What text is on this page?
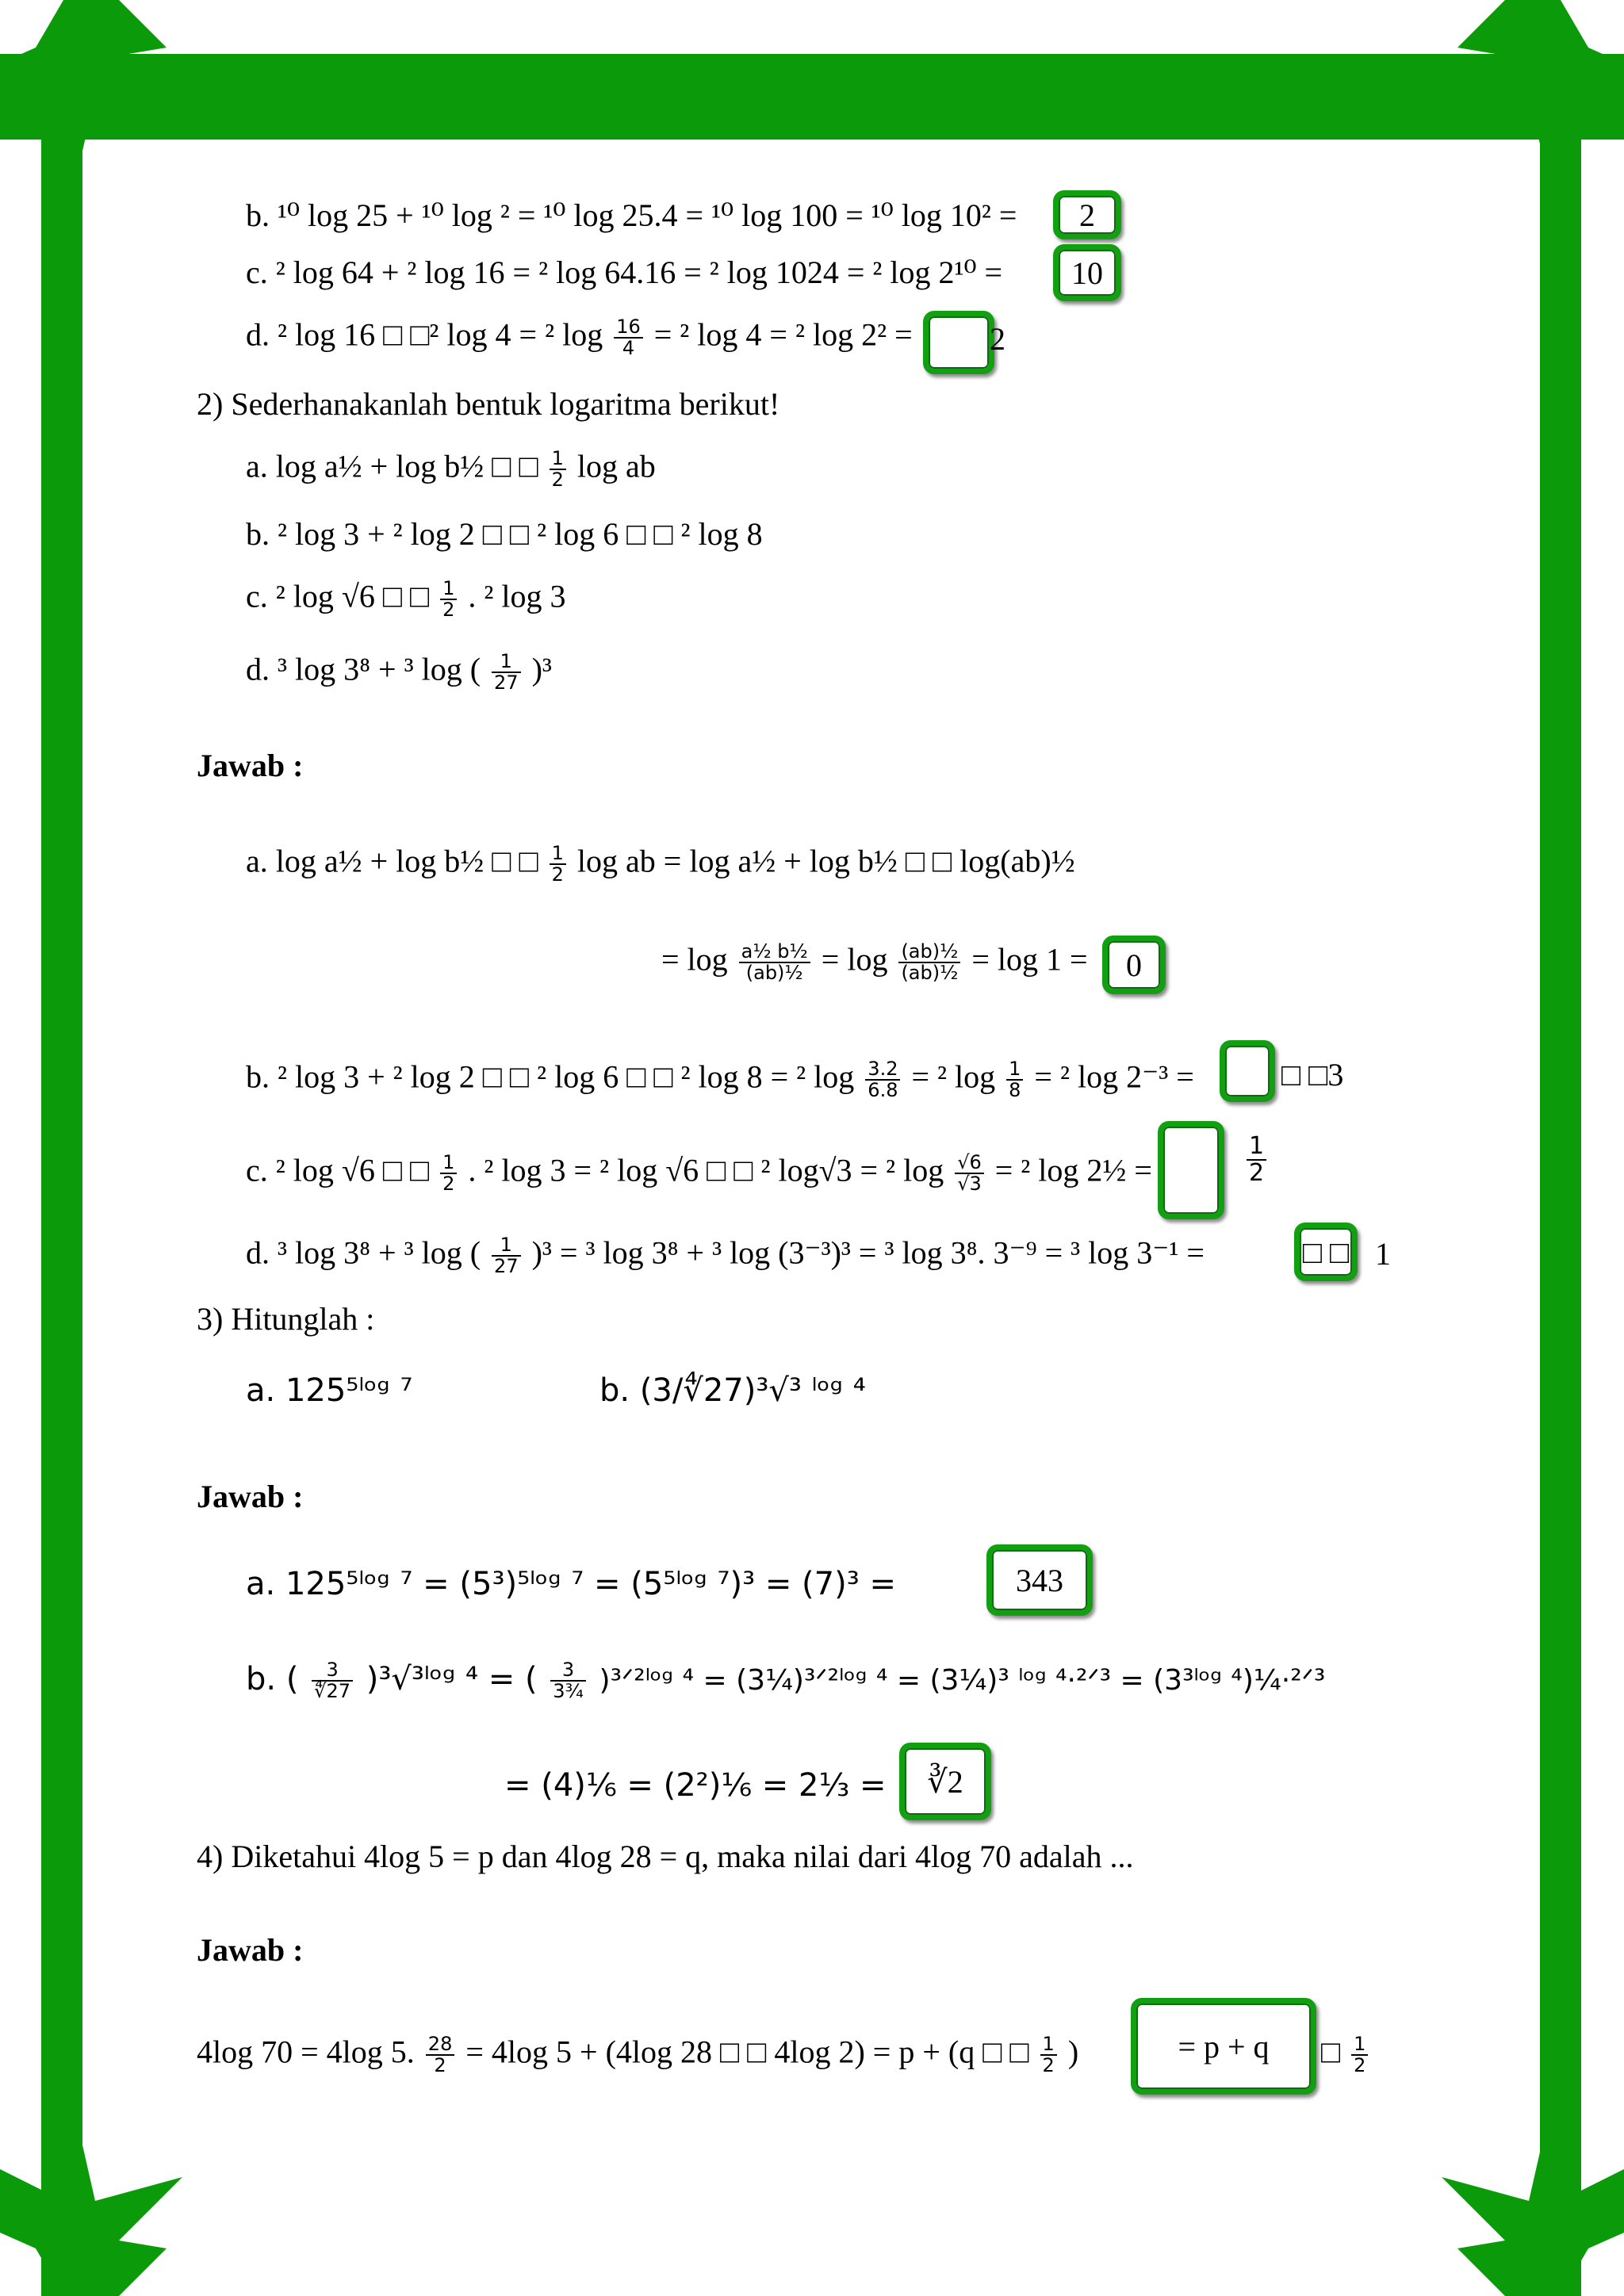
b. ¹⁰ log 25 + ¹⁰ log ² = ¹⁰ log 25.4 = ¹⁰ log 100 = ¹⁰ log 10² = 2
c. ² log 64 + ² log 16 = ² log 64.16 = ² log 1024 = ² log 2¹⁰ = 10
d. ² log 16 □ □² log 4 = ² $\log \frac{16}{4} = ^2$ log 4 = ² log 2² = 2
2) Sederhanakanlah bentuk logaritma berikut!
a. log a½ + log b½ □ □ $\frac{1}{2}$ log ab
b. ² log 3 + ² log 2 □ □ ² log 6 □ □ ² log 8
c. ² log √6 □ □ $\frac{1}{2}$ . ² log 3
d. ³ log 3⁸ + ³ log ( $\frac{1}{27} )^3$
Jawab :
a. log a½ + log b½ □ □ $\frac{1}{2}$ log ab = log a½ + log b½ □ □ log(ab)½
= $\log \frac{\text{a½ b½}}{\text{(ab)½}} = \log \frac{\text{(ab)½}}{\text{(ab)½}} = \log 1 = 0$
b. ² log 3 + ² log 2 □ □ ² log 6 □ □ ² log 8 = ² $\log \frac{3.2}{6.8} = ^2$ $\log \frac{1}{8} = ^2$ log 2⁻³ =	□ □3
c. ² log √6 □ □ $\frac{1}{2}$ . ² log 3 = ² log √6 □ □ ² log√3 = ² $\log \frac{√6}{√3} = ^2$ log 2½ =	$\frac{1}{2}$
d. ³ log 3⁸ + ³ log ( $\frac{1}{27} )^3 = ^3$ log 3⁸ + ³ log (3⁻³)³ = ³ log 3⁸. 3⁻⁹ = ³ log 3⁻¹ =	□ □ 1
3) Hitunglah :
a. 125⁵ˡᵒᵍ ⁷	b. (3/∜27)³√³ ˡᵒᵍ ⁴
Jawab :
a. 125⁵ˡᵒᵍ ⁷ = (5³)⁵ˡᵒᵍ ⁷ = (5⁵ˡᵒᵍ ⁷)³ = (7)³ =	343
b. ( $\frac{3}{∜27}$ )³√³ˡᵒᵍ ⁴ = ( $\frac{3}{\text{3¾}}$ )³ᐟ²ˡᵒᵍ ⁴ = (3¼)³ᐟ²ˡᵒᵍ ⁴ = (3¼)³ ˡᵒᵍ ⁴·²ᐟ³ = (3³ˡᵒᵍ ⁴)¼·²ᐟ³
= (4)⅙ = (2²)⅙ = 2⅓ = ∛2
4) Diketahui 4log 5 = p dan 4log 28 = q, maka nilai dari 4log 70 adalah ...
Jawab :
4log 70 = 4log 5. $\frac{28}{2} = 4\log$ 5 + (4log 28 □ □ 4log 2) = p + (q □ □ $\frac{1}{2}$ )	= p + q □ $\frac{1}{2}$
